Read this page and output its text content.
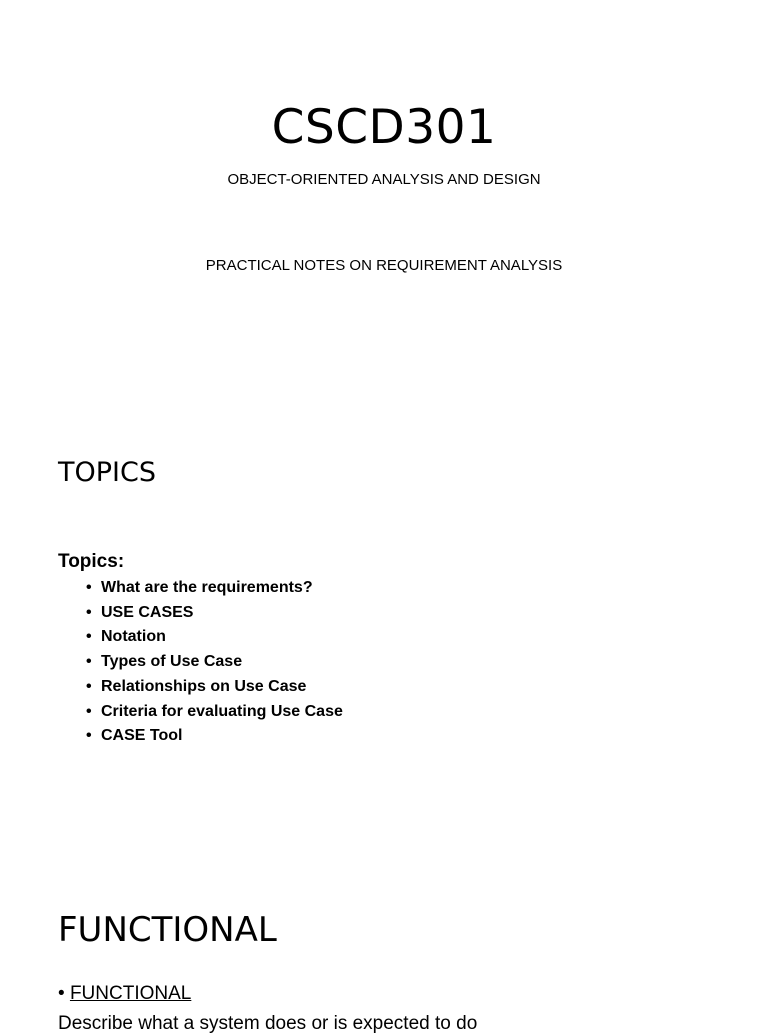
CSCD301
OBJECT-ORIENTED ANALYSIS AND DESIGN
PRACTICAL NOTES ON REQUIREMENT ANALYSIS
TOPICS
Topics:
• What are the requirements?
• USE CASES
• Notation
• Types of Use Case
• Relationships on Use Case
• Criteria for evaluating Use Case
• CASE Tool
FUNCTIONAL
• FUNCTIONAL
Describe what a system does or is expected to do
